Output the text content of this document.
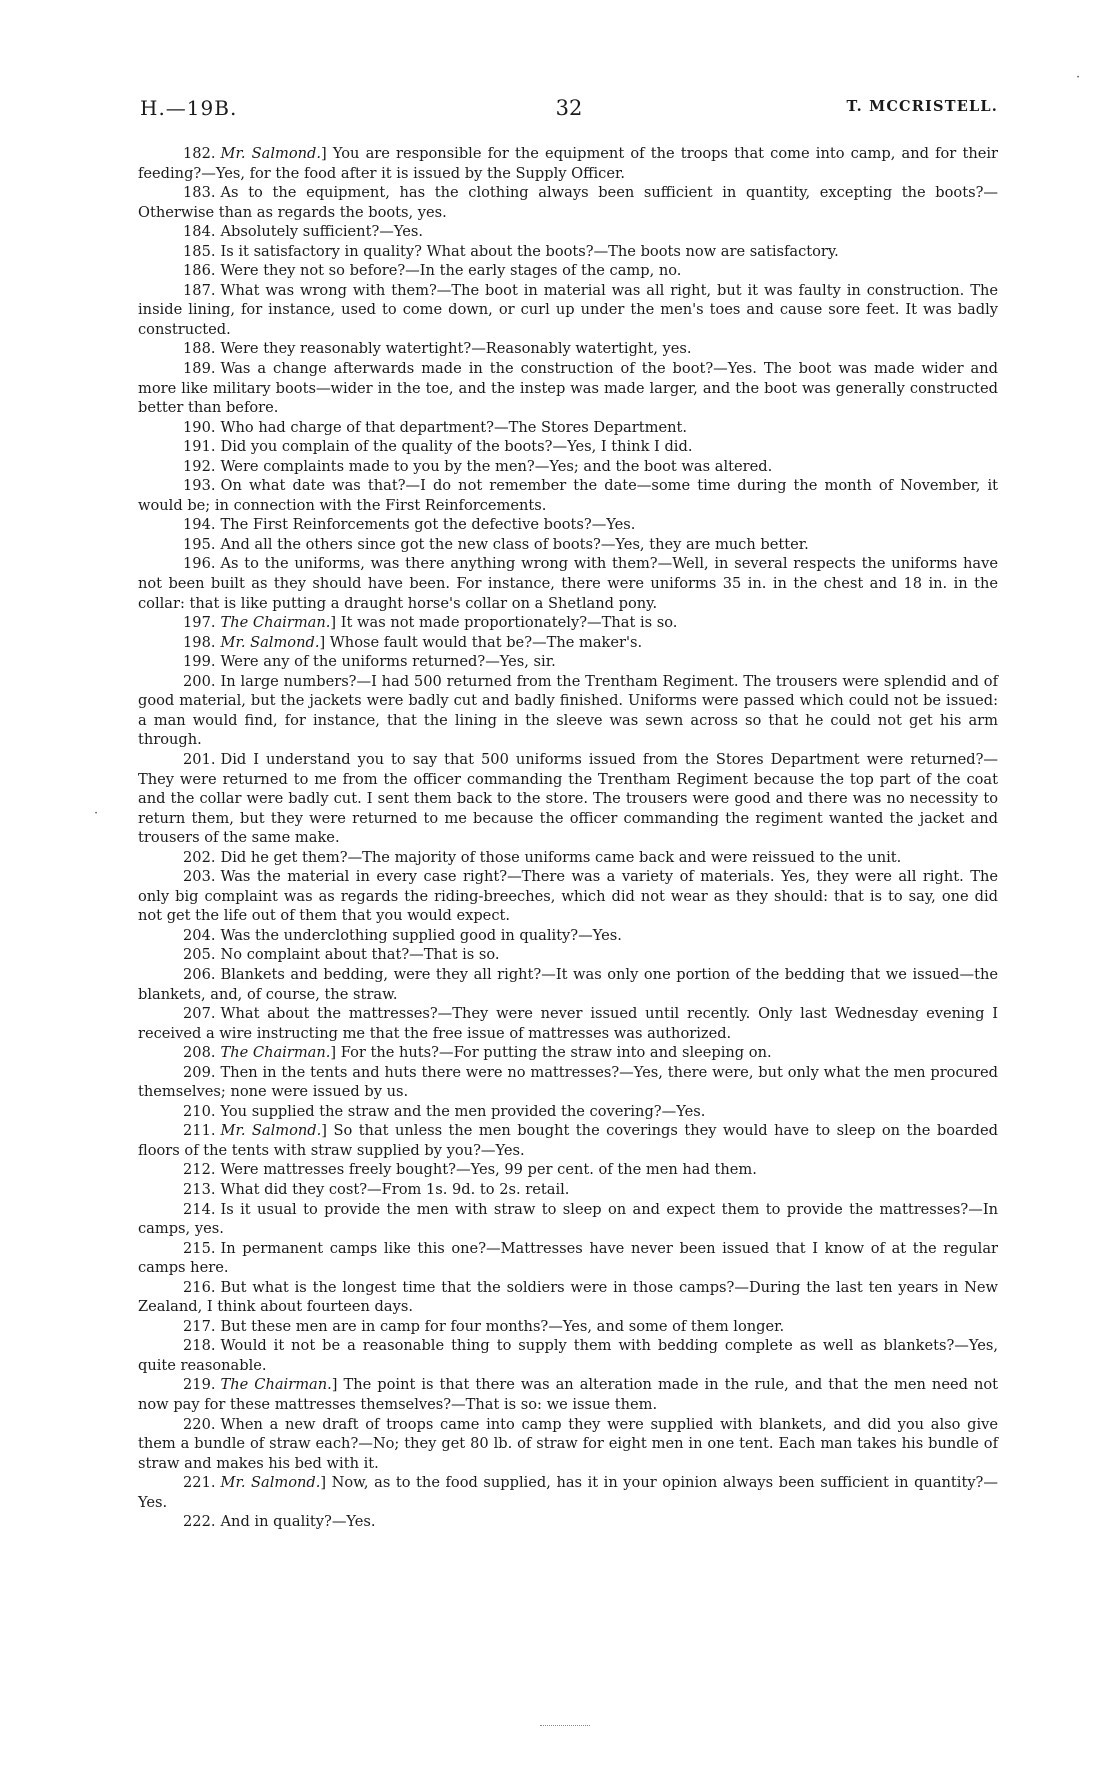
H.—19B.	32	T. MCCRISTELL.

182. Mr. Salmond.] You are responsible for the equipment of the troops that come into camp, and for their feeding?—Yes, for the food after it is issued by the Supply Officer.

183. As to the equipment, has the clothing always been sufficient in quantity, excepting the boots?—Otherwise than as regards the boots, yes.

184. Absolutely sufficient?—Yes.

185. Is it satisfactory in quality? What about the boots?—The boots now are satisfactory.

186. Were they not so before?—In the early stages of the camp, no.

187. What was wrong with them?—The boot in material was all right, but it was faulty in construction. The inside lining, for instance, used to come down, or curl up under the men's toes and cause sore feet. It was badly constructed.

188. Were they reasonably watertight?—Reasonably watertight, yes.

189. Was a change afterwards made in the construction of the boot?—Yes. The boot was made wider and more like military boots—wider in the toe, and the instep was made larger, and the boot was generally constructed better than before.

190. Who had charge of that department?—The Stores Department.

191. Did you complain of the quality of the boots?—Yes, I think I did.

192. Were complaints made to you by the men?—Yes; and the boot was altered.

193. On what date was that?—I do not remember the date—some time during the month of November, it would be; in connection with the First Reinforcements.

194. The First Reinforcements got the defective boots?—Yes.

195. And all the others since got the new class of boots?—Yes, they are much better.

196. As to the uniforms, was there anything wrong with them?—Well, in several respects the uniforms have not been built as they should have been. For instance, there were uniforms 35 in. in the chest and 18 in. in the collar: that is like putting a draught horse's collar on a Shetland pony.

197. The Chairman.] It was not made proportionately?—That is so.

198. Mr. Salmond.] Whose fault would that be?—The maker's.

199. Were any of the uniforms returned?—Yes, sir.

200. In large numbers?—I had 500 returned from the Trentham Regiment. The trousers were splendid and of good material, but the jackets were badly cut and badly finished. Uniforms were passed which could not be issued: a man would find, for instance, that the lining in the sleeve was sewn across so that he could not get his arm through.

201. Did I understand you to say that 500 uniforms issued from the Stores Department were returned?—They were returned to me from the officer commanding the Trentham Regiment because the top part of the coat and the collar were badly cut. I sent them back to the store. The trousers were good and there was no necessity to return them, but they were returned to me because the officer commanding the regiment wanted the jacket and trousers of the same make.

202. Did he get them?—The majority of those uniforms came back and were reissued to the unit.

203. Was the material in every case right?—There was a variety of materials. Yes, they were all right. The only big complaint was as regards the riding-breeches, which did not wear as they should: that is to say, one did not get the life out of them that you would expect.

204. Was the underclothing supplied good in quality?—Yes.

205. No complaint about that?—That is so.

206. Blankets and bedding, were they all right?—It was only one portion of the bedding that we issued—the blankets, and, of course, the straw.

207. What about the mattresses?—They were never issued until recently. Only last Wednesday evening I received a wire instructing me that the free issue of mattresses was authorized.

208. The Chairman.] For the huts?—For putting the straw into and sleeping on.

209. Then in the tents and huts there were no mattresses?—Yes, there were, but only what the men procured themselves; none were issued by us.

210. You supplied the straw and the men provided the covering?—Yes.

211. Mr. Salmond.] So that unless the men bought the coverings they would have to sleep on the boarded floors of the tents with straw supplied by you?—Yes.

212. Were mattresses freely bought?—Yes, 99 per cent. of the men had them.

213. What did they cost?—From 1s. 9d. to 2s. retail.

214. Is it usual to provide the men with straw to sleep on and expect them to provide the mattresses?—In camps, yes.

215. In permanent camps like this one?—Mattresses have never been issued that I know of at the regular camps here.

216. But what is the longest time that the soldiers were in those camps?—During the last ten years in New Zealand, I think about fourteen days.

217. But these men are in camp for four months?—Yes, and some of them longer.

218. Would it not be a reasonable thing to supply them with bedding complete as well as blankets?—Yes, quite reasonable.

219. The Chairman.] The point is that there was an alteration made in the rule, and that the men need not now pay for these mattresses themselves?—That is so: we issue them.

220. When a new draft of troops came into camp they were supplied with blankets, and did you also give them a bundle of straw each?—No; they get 80 lb. of straw for eight men in one tent. Each man takes his bundle of straw and makes his bed with it.

221. Mr. Salmond.] Now, as to the food supplied, has it in your opinion always been sufficient in quantity?—Yes.

222. And in quality?—Yes.

·
·
